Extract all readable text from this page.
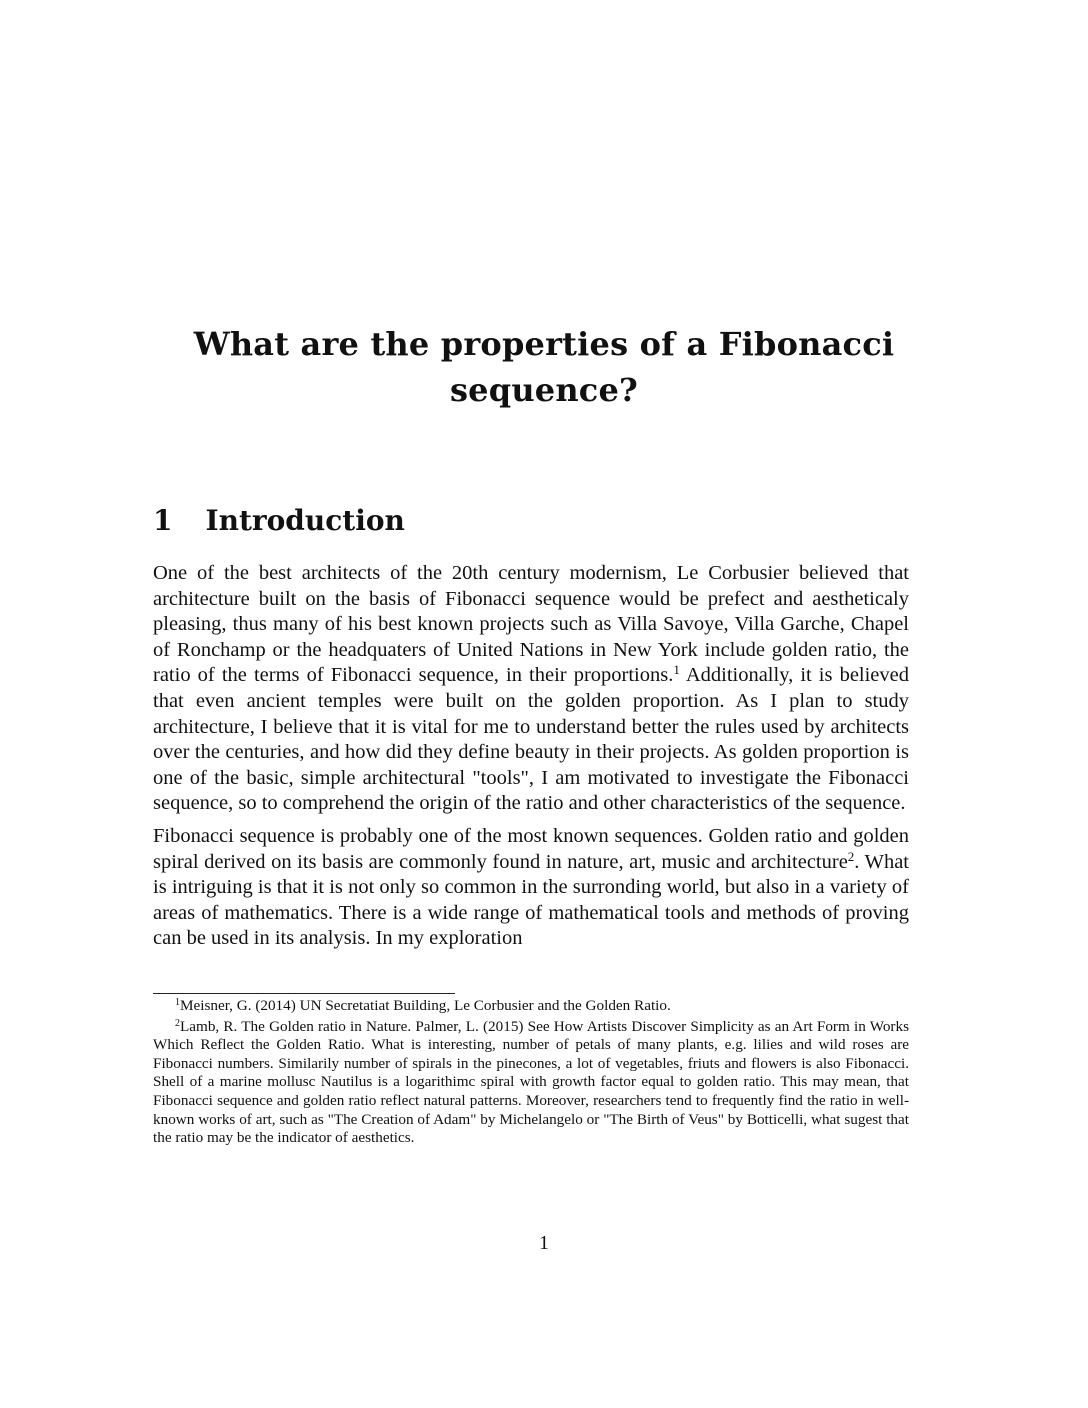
What are the properties of a Fibonacci sequence?
1 Introduction

One of the best architects of the 20th century modernism, Le Corbusier believed that architecture built on the basis of Fibonacci sequence would be prefect and aestheticaly pleasing, thus many of his best known projects such as Villa Savoye, Villa Garche, Chapel of Ronchamp or the headquaters of United Nations in New York include golden ratio, the ratio of the terms of Fibonacci sequence, in their proportions.$^1$ Additionally, it is believed that even ancient temples were built on the golden proportion. As I plan to study architecture, I believe that it is vital for me to understand better the rules used by architects over the centuries, and how did they define beauty in their projects. As golden proportion is one of the basic, simple architectural "tools", I am motivated to investigate the Fibonacci sequence, so to comprehend the origin of the ratio and other characteristics of the sequence.

Fibonacci sequence is probably one of the most known sequences. Golden ratio and golden spiral derived on its basis are commonly found in nature, art, music and architecture$^2$. What is intriguing is that it is not only so common in the surronding world, but also in a variety of areas of mathematics. There is a wide range of mathematical tools and methods of proving can be used in its analysis. In my exploration

$^1$Meisner, G. (2014) UN Secretatiat Building, Le Corbusier and the Golden Ratio.

$^2$Lamb, R. The Golden ratio in Nature. Palmer, L. (2015) See How Artists Discover Simplicity as an Art Form in Works Which Reflect the Golden Ratio. What is interesting, number of petals of many plants, e.g. lilies and wild roses are Fibonacci numbers. Similarily number of spirals in the pinecones, a lot of vegetables, friuts and flowers is also Fibonacci. Shell of a marine mollusc Nautilus is a logarithimc spiral with growth factor equal to golden ratio. This may mean, that Fibonacci sequence and golden ratio reflect natural patterns. Moreover, researchers tend to frequently find the ratio in well-known works of art, such as "The Creation of Adam" by Michelangelo or "The Birth of Veus" by Botticelli, what sugest that the ratio may be the indicator of aesthetics.

1
